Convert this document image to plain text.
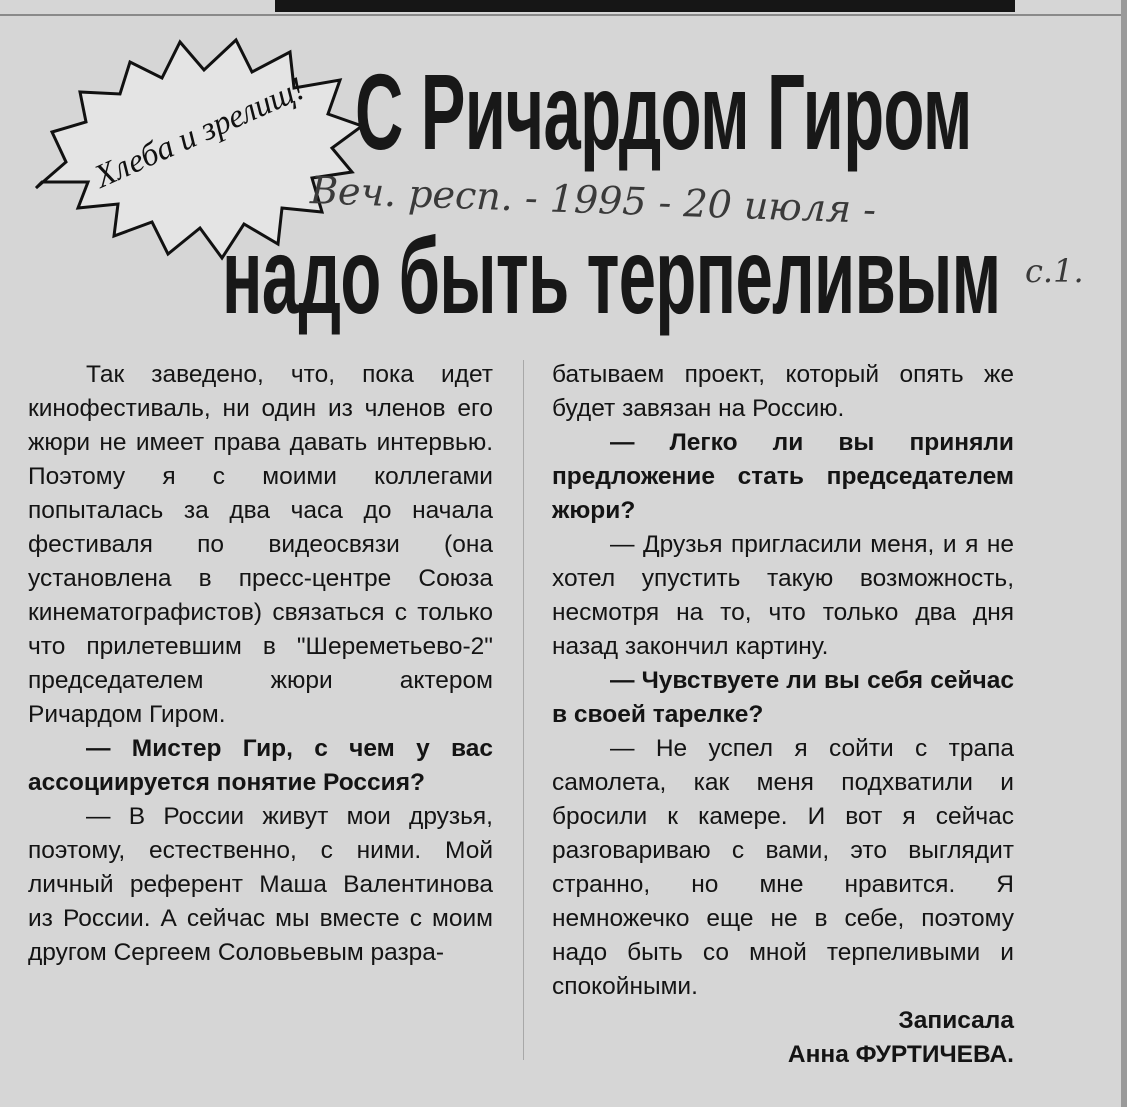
Хлеба и зрелищ! С Ричардом Гиром
надо быть терпеливым
Веч. респ. - 1995 - 20 июля -
с.1.

Так заведено, что, пока идет кинофестиваль, ни один из членов его жюри не имеет права давать интервью. Поэтому я с моими коллегами попыталась за два часа до начала фестиваля по видеосвязи (она установлена в пресс-центре Союза кинематографистов) связаться с только что прилетевшим в "Шереметьево-2" председателем жюри актером Ричардом Гиром.

— Мистер Гир, с чем у вас ассоциируется понятие Россия?

— В России живут мои друзья, поэтому, естественно, с ними. Мой личный референт Маша Валентинова из России. А сейчас мы вместе с моим другом Сергеем Соловьевым разра-

батываем проект, который опять же будет завязан на Россию.

— Легко ли вы приняли предложение стать председателем жюри?

— Друзья пригласили меня, и я не хотел упустить такую возможность, несмотря на то, что только два дня назад закончил картину.

— Чувствуете ли вы себя сейчас в своей тарелке?

— Не успел я сойти с трапа самолета, как меня подхватили и бросили к камере. И вот я сейчас разговариваю с вами, это выглядит странно, но мне нравится. Я немножечко еще не в себе, поэтому надо быть со мной терпеливыми и спокойными.

Записала

Анна ФУРТИЧЕВА.
